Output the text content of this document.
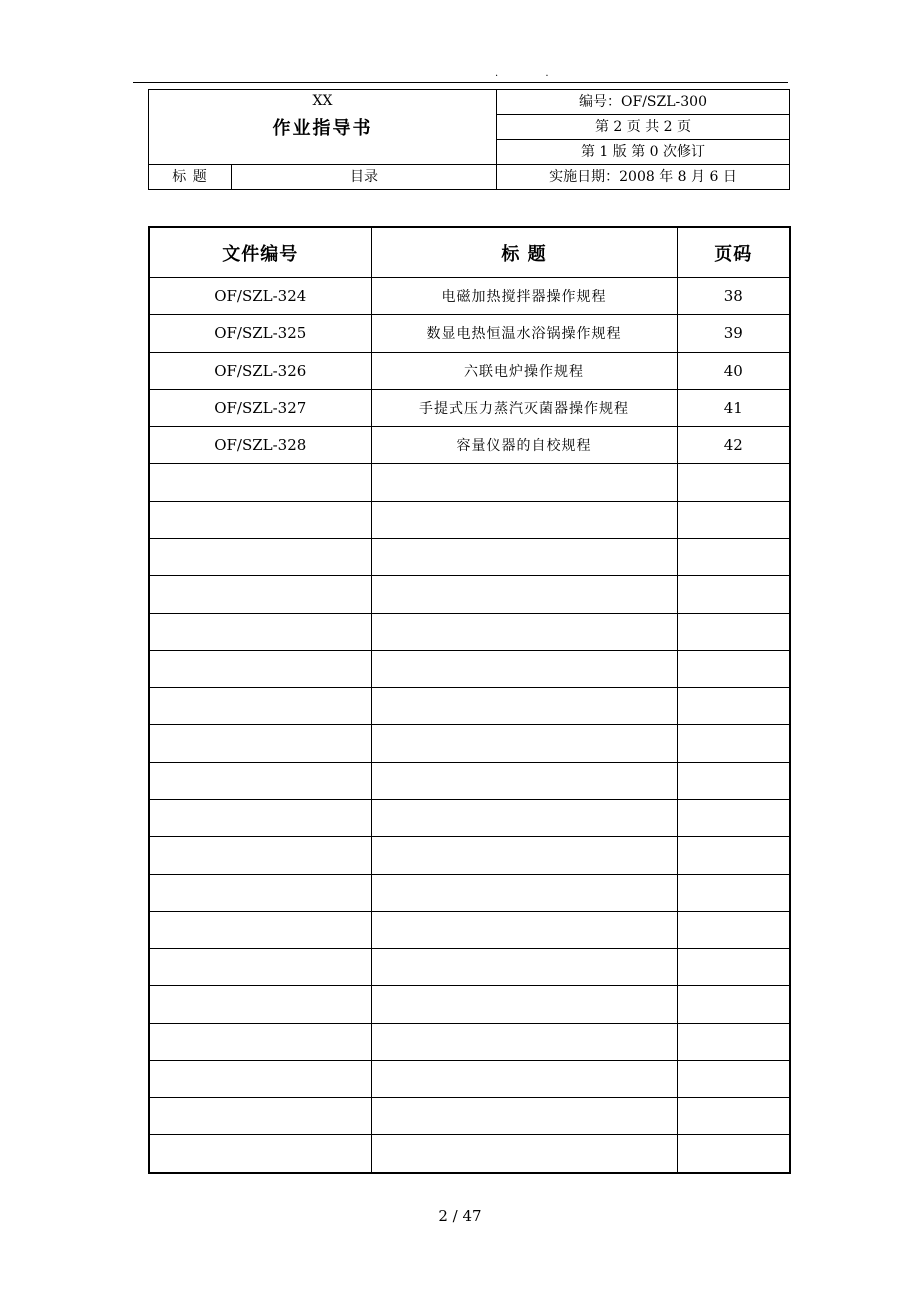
. .
XX
作业指导书		编号：OF/SZL-300
		第 2 页 共 2 页
		第 1 版 第 0 次修订
标 题	目录	实施日期：2008 年 8 月 6 日
文件编号	标 题	页码
OF/SZL-324	电磁加热搅拌器操作规程	38
OF/SZL-325	数显电热恒温水浴锅操作规程	39
OF/SZL-326	六联电炉操作规程	40
OF/SZL-327	手提式压力蒸汽灭菌器操作规程	41
OF/SZL-328	容量仪器的自校规程	42

2 / 47
